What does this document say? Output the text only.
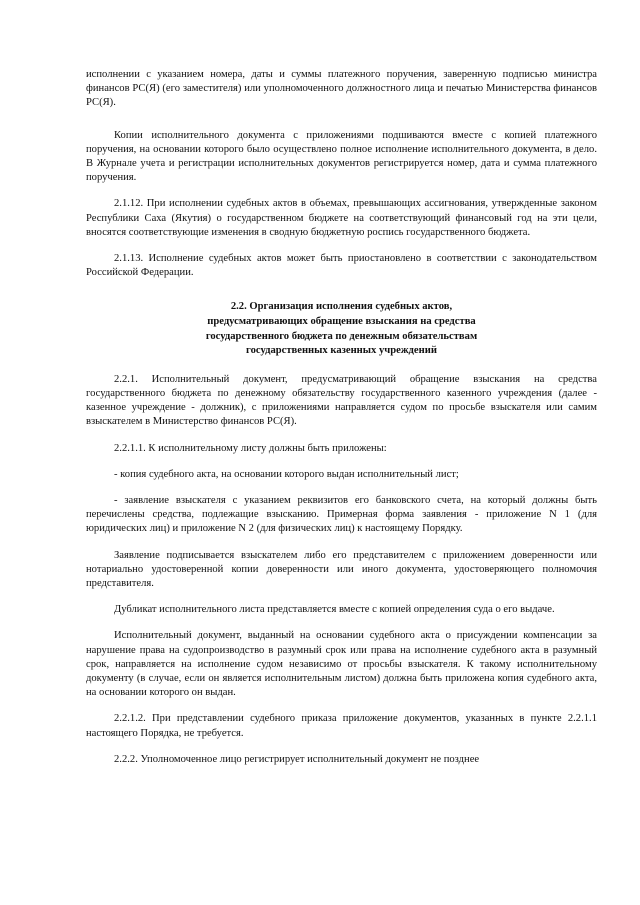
исполнении с указанием номера, даты и суммы платежного поручения, заверенную подписью министра финансов РС(Я) (его заместителя) или уполномоченного должностного лица и печатью Министерства финансов РС(Я).

Копии исполнительного документа с приложениями подшиваются вместе с копией платежного поручения, на основании которого было осуществлено полное исполнение исполнительного документа, в дело. В Журнале учета и регистрации исполнительных документов регистрируется номер, дата и сумма платежного поручения.

2.1.12. При исполнении судебных актов в объемах, превышающих ассигнования, утвержденные законом Республики Саха (Якутия) о государственном бюджете на соответствующий финансовый год на эти цели, вносятся соответствующие изменения в сводную бюджетную роспись государственного бюджета.

2.1.13. Исполнение судебных актов может быть приостановлено в соответствии с законодательством Российской Федерации.

2.2. Организация исполнения судебных актов,
предусматривающих обращение взыскания на средства
государственного бюджета по денежным обязательствам
государственных казенных учреждений

2.2.1. Исполнительный документ, предусматривающий обращение взыскания на средства государственного бюджета по денежному обязательству государственного казенного учреждения (далее - казенное учреждение - должник), с приложениями направляется судом по просьбе взыскателя или самим взыскателем в Министерство финансов РС(Я).

2.2.1.1. К исполнительному листу должны быть приложены:

- копия судебного акта, на основании которого выдан исполнительный лист;

- заявление взыскателя с указанием реквизитов его банковского счета, на который должны быть перечислены средства, подлежащие взысканию. Примерная форма заявления - приложение N 1 (для юридических лиц) и приложение N 2 (для физических лиц) к настоящему Порядку.

Заявление подписывается взыскателем либо его представителем с приложением доверенности или нотариально удостоверенной копии доверенности или иного документа, удостоверяющего полномочия представителя.

Дубликат исполнительного листа представляется вместе с копией определения суда о его выдаче.

Исполнительный документ, выданный на основании судебного акта о присуждении компенсации за нарушение права на судопроизводство в разумный срок или права на исполнение судебного акта в разумный срок, направляется на исполнение судом независимо от просьбы взыскателя. К такому исполнительному документу (в случае, если он является исполнительным листом) должна быть приложена копия судебного акта, на основании которого он выдан.

2.2.1.2. При представлении судебного приказа приложение документов, указанных в пункте 2.2.1.1 настоящего Порядка, не требуется.

2.2.2. Уполномоченное лицо регистрирует исполнительный документ не позднее
